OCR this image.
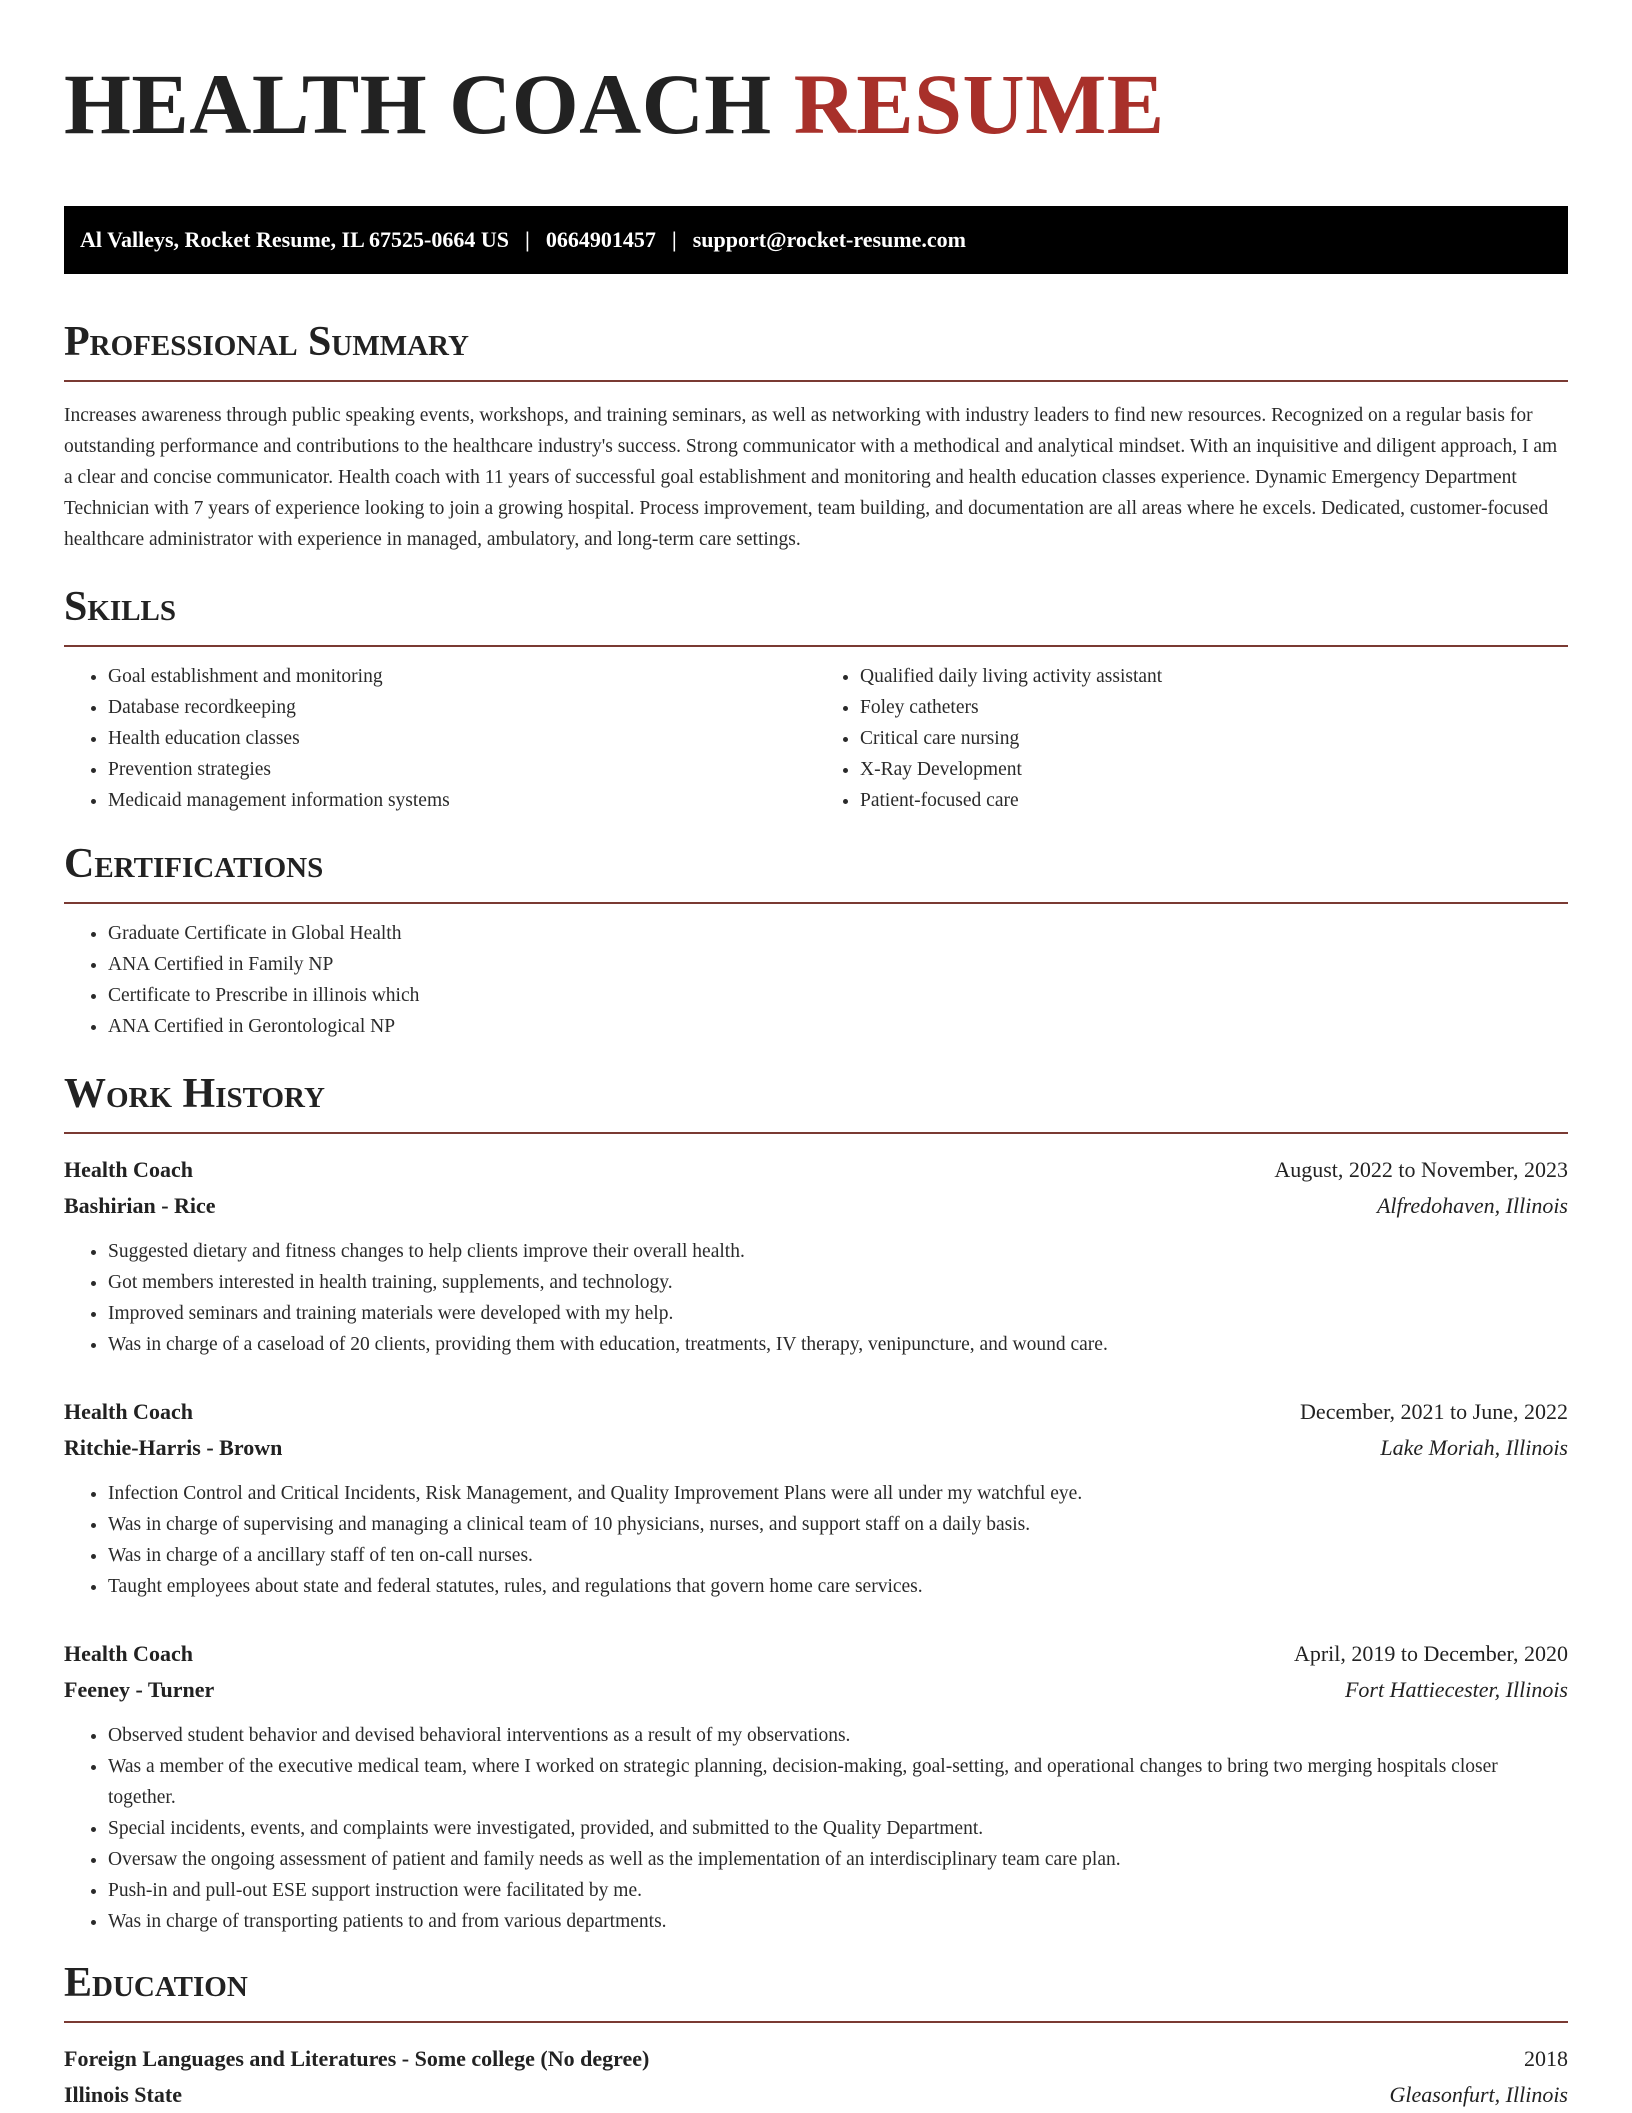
HEALTH COACH RESUME
Al Valleys, Rocket Resume, IL 67525-0664 US | 0664901457 | support@rocket-resume.com
Professional Summary

Increases awareness through public speaking events, workshops, and training seminars, as well as networking with industry leaders to find new resources. Recognized on a regular basis for outstanding performance and contributions to the healthcare industry's success. Strong communicator with a methodical and analytical mindset. With an inquisitive and diligent approach, I am a clear and concise communicator. Health coach with 11 years of successful goal establishment and monitoring and health education classes experience. Dynamic Emergency Department Technician with 7 years of experience looking to join a growing hospital. Process improvement, team building, and documentation are all areas where he excels. Dedicated, customer-focused healthcare administrator with experience in managed, ambulatory, and long-term care settings.

Skills
• Goal establishment and monitoring
• Database recordkeeping
• Health education classes
• Prevention strategies
• Medicaid management information systems
• Qualified daily living activity assistant
• Foley catheters
• Critical care nursing
• X-Ray Development
• Patient-focused care
Certifications
• Graduate Certificate in Global Health
• ANA Certified in Family NP
• Certificate to Prescribe in illinois which
• ANA Certified in Gerontological NP
Work History
Health Coach	August, 2022 to November, 2023
Bashirian - Rice	Alfredohaven, Illinois
• Suggested dietary and fitness changes to help clients improve their overall health.
• Got members interested in health training, supplements, and technology.
• Improved seminars and training materials were developed with my help.
• Was in charge of a caseload of 20 clients, providing them with education, treatments, IV therapy, venipuncture, and wound care.
Health Coach	December, 2021 to June, 2022
Ritchie-Harris - Brown	Lake Moriah, Illinois
• Infection Control and Critical Incidents, Risk Management, and Quality Improvement Plans were all under my watchful eye.
• Was in charge of supervising and managing a clinical team of 10 physicians, nurses, and support staff on a daily basis.
• Was in charge of a ancillary staff of ten on-call nurses.
• Taught employees about state and federal statutes, rules, and regulations that govern home care services.
Health Coach	April, 2019 to December, 2020
Feeney - Turner	Fort Hattiecester, Illinois
• Observed student behavior and devised behavioral interventions as a result of my observations.
• Was a member of the executive medical team, where I worked on strategic planning, decision-making, goal-setting, and operational changes to bring two merging hospitals closer together.
• Special incidents, events, and complaints were investigated, provided, and submitted to the Quality Department.
• Oversaw the ongoing assessment of patient and family needs as well as the implementation of an interdisciplinary team care plan.
• Push-in and pull-out ESE support instruction were facilitated by me.
• Was in charge of transporting patients to and from various departments.
Education
Foreign Languages and Literatures - Some college (No degree)	2018
Illinois State	Gleasonfurt, Illinois
